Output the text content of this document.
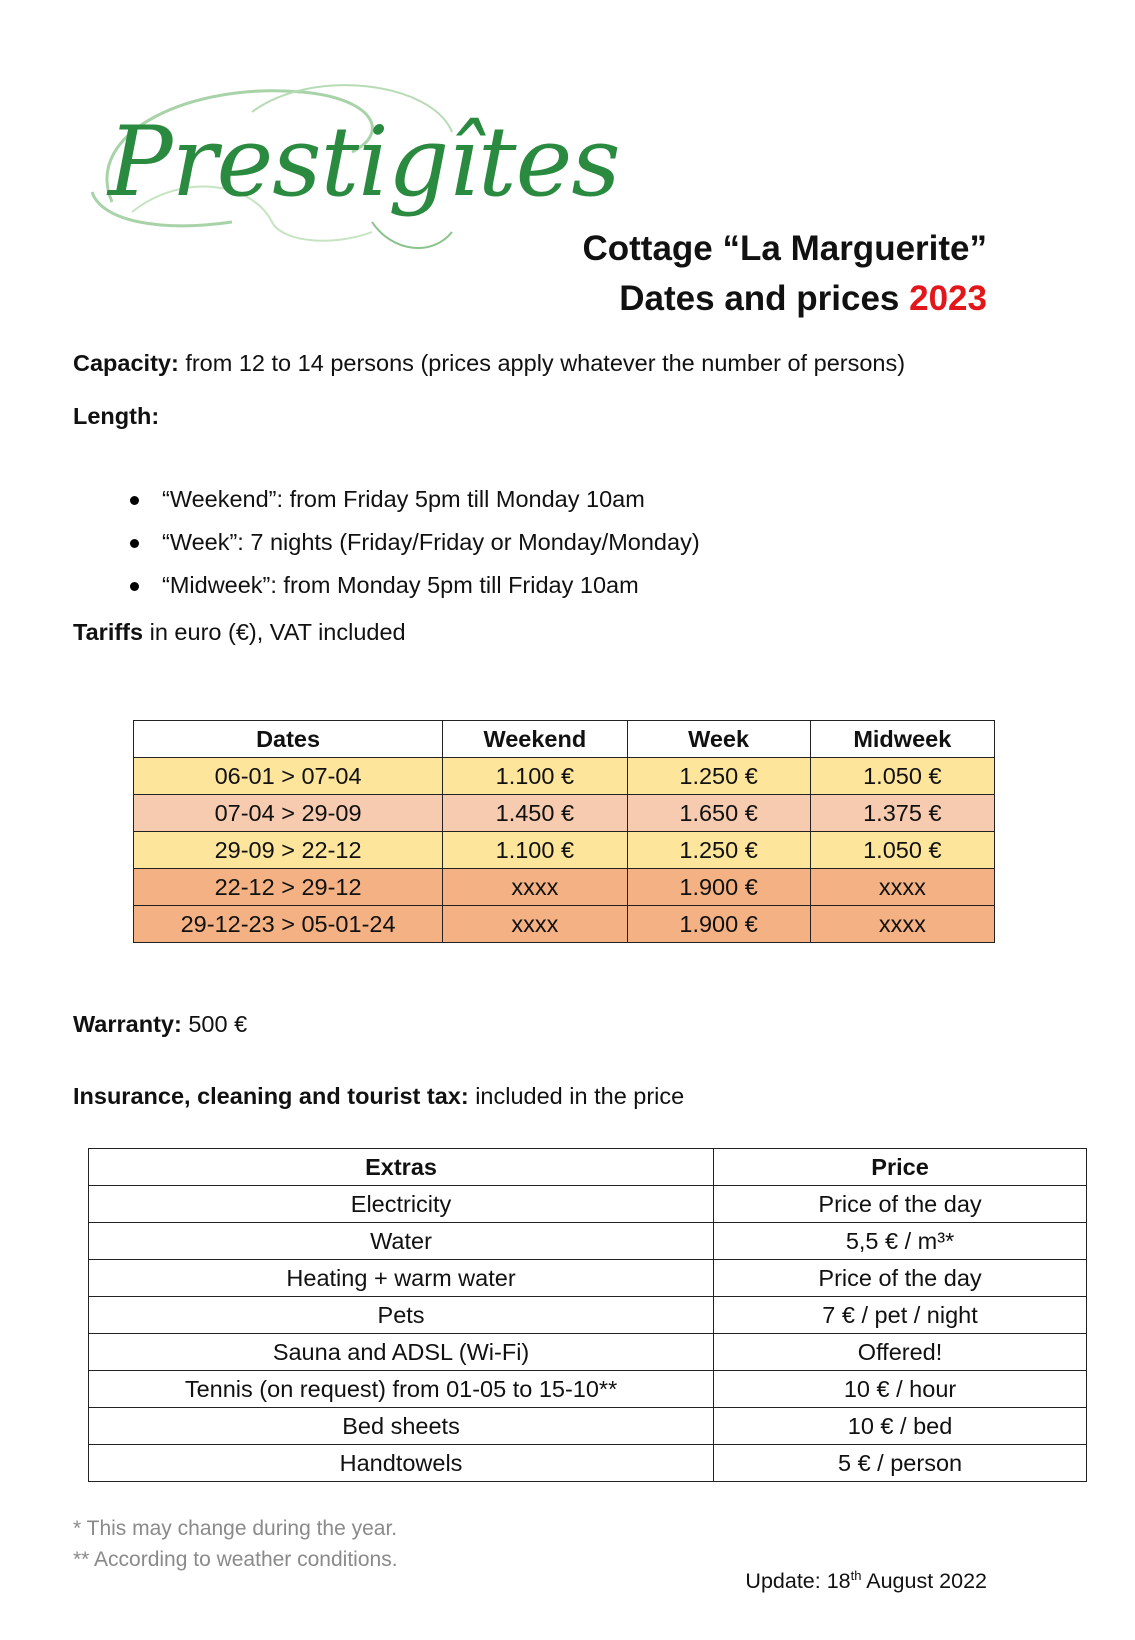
Prestigîtes
Cottage “La Marguerite”
Dates and prices 2023
Capacity: from 12 to 14 persons (prices apply whatever the number of persons)
Length:
“Weekend”: from Friday 5pm till Monday 10am
“Week”: 7 nights (Friday/Friday or Monday/Monday)
“Midweek”: from Monday 5pm till Friday 10am
Tariffs in euro (€), VAT included
Dates	Weekend	Week	Midweek
06-01 > 07-04	1.100 €	1.250 €	1.050 €
07-04 > 29-09	1.450 €	1.650 €	1.375 €
29-09 > 22-12	1.100 €	1.250 €	1.050 €
22-12 > 29-12	xxxx	1.900 €	xxxx
29-12-23 > 05-01-24	xxxx	1.900 €	xxxx
Warranty: 500 €
Insurance, cleaning and tourist tax: included in the price
Extras	Price
Electricity	Price of the day
Water	5,5 € / m³*
Heating + warm water	Price of the day
Pets	7 € / pet / night
Sauna and ADSL (Wi-Fi)	Offered!
Tennis (on request) from 01-05 to 15-10**	10 € / hour
Bed sheets	10 € / bed
Handtowels	5 € / person
* This may change during the year.
** According to weather conditions.
Update: 18th August 2022
